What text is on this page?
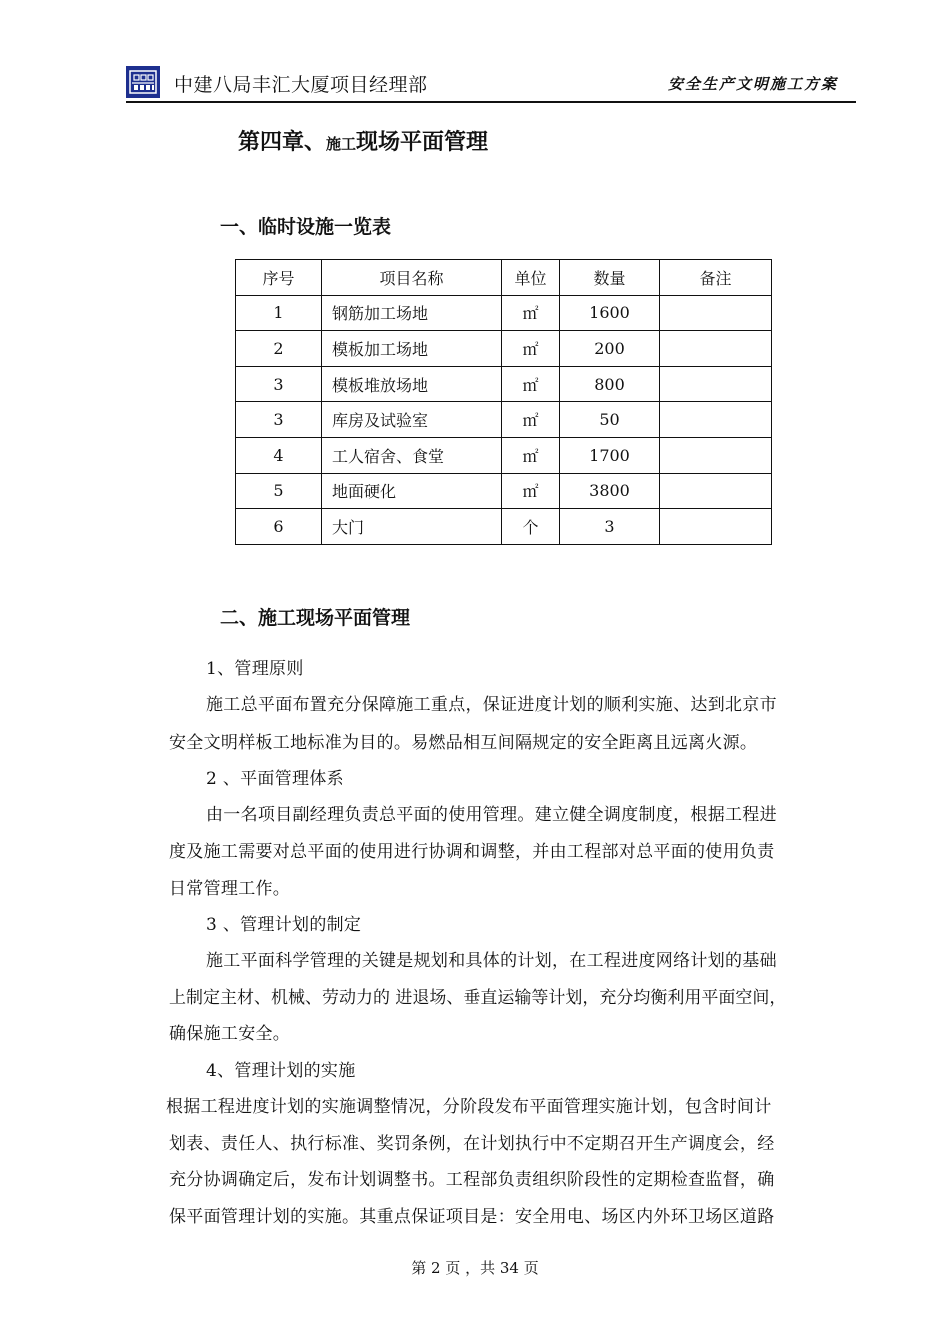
中建八局丰汇大厦项目经理部	安全生产文明施工方案
第四章、施工现场平面管理
一、临时设施一览表
序号	项目名称	单位	数量	备注
1	钢筋加工场地	㎡	1600	
2	模板加工场地	㎡	200	
3	模板堆放场地	㎡	800	
3	库房及试验室	㎡	50	
4	工人宿舍、食堂	㎡	1700	
5	地面硬化	㎡	3800	
6	大门	个	3	
二、施工现场平面管理
1、管理原则
施工总平面布置充分保障施工重点，保证进度计划的顺利实施、达到北京市
安全文明样板工地标准为目的。易燃品相互间隔规定的安全距离且远离火源。
2 、平面管理体系
由一名项目副经理负责总平面的使用管理。建立健全调度制度，根据工程进
度及施工需要对总平面的使用进行协调和调整，并由工程部对总平面的使用负责
日常管理工作。
3 、管理计划的制定
施工平面科学管理的关键是规划和具体的计划，在工程进度网络计划的基础
上制定主材、机械、劳动力的 进退场、垂直运输等计划，充分均衡利用平面空间，
确保施工安全。
4、管理计划的实施
根据工程进度计划的实施调整情况，分阶段发布平面管理实施计划，包含时间计
划表、责任人、执行标准、奖罚条例，在计划执行中不定期召开生产调度会，经
充分协调确定后，发布计划调整书。工程部负责组织阶段性的定期检查监督，确
保平面管理计划的实施。其重点保证项目是：安全用电、场区内外环卫场区道路
第 2 页 ，共 34 页
